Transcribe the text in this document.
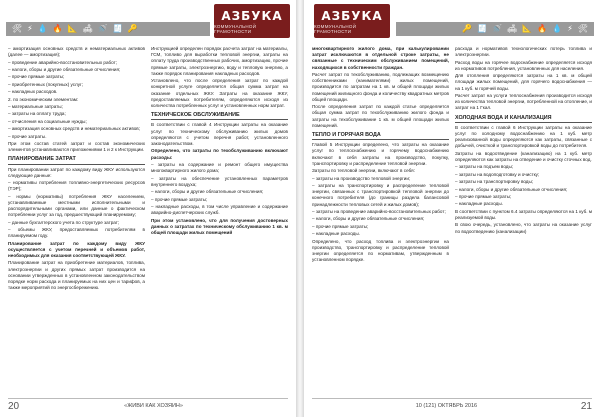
🛠 ⚡ 💧 🔥 📐 🛋 🚿 🧾 🔑
АЗБУКА
КОММУНАЛЬНОЙ ГРАМОТНОСТИ

– амортизация основных средств и нематериальных активов (далее — амортизация);

– проведение аварийно-восстановительных работ;

– налоги, сборы и другие обязательные отчисления;

– прочие прямые затраты;

– приобретенных (покупных) услуг;

– накладных расходов.

2. по экономическим элементам:

– материальные затраты;

– затраты на оплату труда;

– отчисления на социальные нужды;

– амортизация основных средств и нематериальных активов;

– прочие затраты.

При этом состав статей затрат и состав экономических элементов устанавливаются приложениями 1 и 2 к Инструкции.

ПЛАНИРОВАНИЕ ЗАТРАТ

При планировании затрат по каждому виду ЖКУ используются следующие данные:

– нормативы потребления топливно-энергетических ресурсов (ТЭР);

– нормы (нормативы) потребления ЖКУ населением, устанавливаемые местными исполнительными и распорядительными органами, или данные о фактическом потреблении услуг за год, предшествующий планируемому;

– данные бухгалтерского учета по структуре затрат;

– объемы ЖКУ, предоставляемых потребителям в планируемом году.

Планирование затрат по каждому виду ЖКУ осуществляется с учетом перечней и объемов работ, необходимых для оказания соответствующей ЖКУ.

Планирование затрат на приобретение материалов, топлива, электроэнергии и других прямых затрат производится на основании утвержденных в установленном законодательством порядке норм расхода и планируемых на них цен и тарифов, а также мероприятий по энергосбережению.

Инструкцией определен порядок расчета затрат на материалы, ГСМ, топливо для выработки тепловой энергии, затраты на оплату труда производственных рабочих, амортизацию, прочие прямые затраты, электроэнергию, воду и тепловую энергию, а также порядок планирования накладных расходов.

Установлено, что после определения затрат по каждой конкретной услуге определяется общая сумма затрат на оказание отдельных ЖКУ. Затраты на оказание ЖКУ, предоставляемых потребителям, определяются исходя из количества потребленных услуг и установленных норм затрат.

ТЕХНИЧЕСКОЕ ОБСЛУЖИВАНИЕ

В соответствии с главой 4 Инструкции затраты на оказание услуг по техническому обслуживанию жилых домов определяются с учетом перечня работ, установленного законодательством.

Определено, что затраты по техобслуживанию включают расходы:

– затраты на содержание и ремонт общего имущества многоквартирного жилого дома;

– затраты на обеспечение установленных параметров внутреннего воздуха;

– налоги, сборы и другие обязательные отчисления;

– прочие прямые затраты;

– накладные расходы, в том числе управление и содержание аварийно-диспетчерских служб.

При этом установлено, что для получения достоверных данных о затратах по техническому обслуживанию 1 кв. м общей площади жилых помещений

20	«ЖИВИ КАК ХОЗЯИН»
АЗБУКА
КОММУНАЛЬНОЙ ГРАМОТНОСТИ	🔑 🧾 🚿 🛋 📐 🔥 💧 ⚡ 🛠

многоквартирного жилого дома, при калькулировании затрат исключаются в отдельной строке затраты, не связанные с техническим обслуживанием помещений, находящихся в собственности граждан.

Расчет затрат по техобслуживанию, подлежащих возмещению собственниками (нанимателями) жилых помещений, производится по затратам на 1 кв. м общей площади жилых помещений жилищного фонда и количеству квадратных метров общей площади.

После определения затрат по каждой статье определяется общая сумма затрат по техобслуживанию жилого фонда и затраты на техобслуживание 1 кв. м общей площади жилых помещений.

ТЕПЛО И ГОРЯЧАЯ ВОДА

Главой 5 Инструкции определено, что затраты на оказание услуг по теплоснабжению и горячему водоснабжению включают в себя затраты на производство, покупку, транспортировку и распределение тепловой энергии.

Затраты по тепловой энергии, включают в себя:

– затраты на производство тепловой энергии;

– затраты на транспортировку и распределение тепловой энергии, связанных с транспортировкой тепловой энергии до конечного потребителя (до границы раздела балансовой принадлежности тепловых сетей и жилых домов);

– затраты на проведение аварийно-восстановительных работ;

– налоги, сборы и другие обязательные отчисления;

– прочие прямые затраты;

– накладные расходы.

Определено, что расход топлива и электроэнергии на производство, транспортировку и распределение тепловой энергии определяется по нормативам, утвержденным в установленном порядке.

расхода и нормативов технологических потерь топлива и электроэнергии.

Расход воды на горячее водоснабжение определяется исходя из нормативов потребления, установленных для населения.

Для отопления определяются затраты на 1 кв. м общей площади жилых помещений, для горячего водоснабжения — на 1 куб. м горячей воды.

Расчет затрат на услуги теплоснабжения производится исходя из количества тепловой энергии, потребленной на отопление, и затрат на 1 Гкал.

ХОЛОДНАЯ ВОДА И КАНАЛИЗАЦИЯ

В соответствии с главой 6 Инструкции затраты на оказание услуг по холодному водоснабжению на 1 куб. метр реализованной воды определяются как затраты, связанные с добычей, очисткой и транспортировкой воды до потребителя.

Затраты на водоотведение (канализацию) на 1 куб. метр определяются как затраты на отведение и очистку сточных вод.

– затраты на подъем воды;

– затраты на водоподготовку и очистку;

– затраты на транспортировку воды;

– налоги, сборы и другие обязательные отчисления;

– прочие прямые затраты;

– накладные расходы.

В соответствии с пунктом 6.4 затраты определяются на 1 куб. м реализуемой воды.

В свою очередь, установлено, что затраты на оказание услуг по водоотведению (канализации)

10 (121) ОКТЯБРЬ 2016	21
